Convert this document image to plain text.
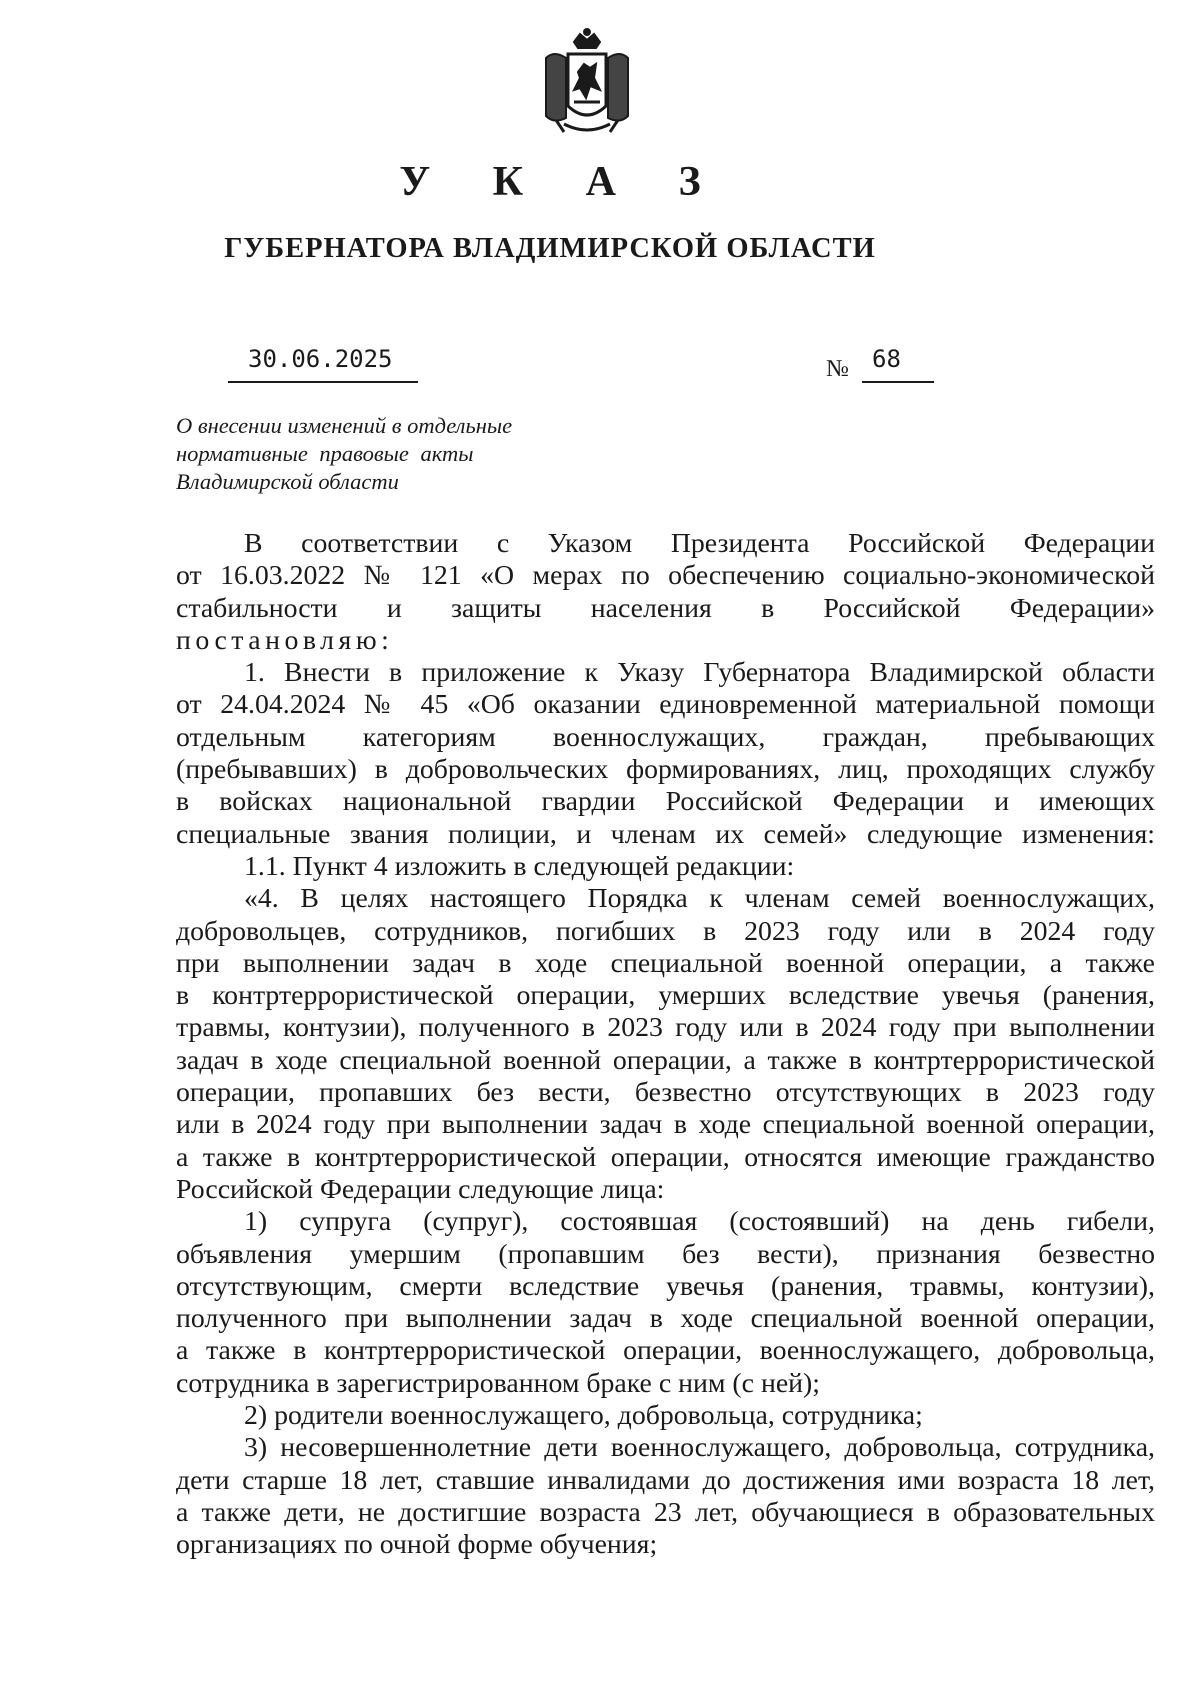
У К А З
ГУБЕРНАТОРА ВЛАДИМИРСКОЙ ОБЛАСТИ
30.06.2025	№ 68
О внесении изменений в отдельные
нормативные правовые акты
Владимирской области
В соответствии с Указом Президента Российской Федерации
от 16.03.2022 № 121 «О мерах по обеспечению социально-экономической
стабильности и защиты населения в Российской Федерации»
постановляю:
1. Внести в приложение к Указу Губернатора Владимирской области
от 24.04.2024 № 45 «Об оказании единовременной материальной помощи
отдельным категориям военнослужащих, граждан, пребывающих
(пребывавших) в добровольческих формированиях, лиц, проходящих службу
в войсках национальной гвардии Российской Федерации и имеющих
специальные звания полиции, и членам их семей» следующие изменения:
1.1. Пункт 4 изложить в следующей редакции:
«4. В целях настоящего Порядка к членам семей военнослужащих,
добровольцев, сотрудников, погибших в 2023 году или в 2024 году
при выполнении задач в ходе специальной военной операции, а также
в контртеррористической операции, умерших вследствие увечья (ранения,
травмы, контузии), полученного в 2023 году или в 2024 году при выполнении
задач в ходе специальной военной операции, а также в контртеррористической
операции, пропавших без вести, безвестно отсутствующих в 2023 году
или в 2024 году при выполнении задач в ходе специальной военной операции,
а также в контртеррористической операции, относятся имеющие гражданство
Российской Федерации следующие лица:
1) супруга (супруг), состоявшая (состоявший) на день гибели,
объявления умершим (пропавшим без вести), признания безвестно
отсутствующим, смерти вследствие увечья (ранения, травмы, контузии),
полученного при выполнении задач в ходе специальной военной операции,
а также в контртеррористической операции, военнослужащего, добровольца,
сотрудника в зарегистрированном браке с ним (с ней);
2) родители военнослужащего, добровольца, сотрудника;
3) несовершеннолетние дети военнослужащего, добровольца, сотрудника,
дети старше 18 лет, ставшие инвалидами до достижения ими возраста 18 лет,
а также дети, не достигшие возраста 23 лет, обучающиеся в образовательных
организациях по очной форме обучения;
